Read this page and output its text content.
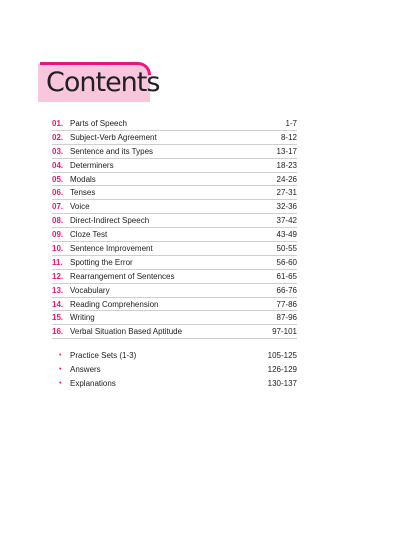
Contents
01. Parts of Speech	1-7
02. Subject-Verb Agreement	8-12
03. Sentence and its Types	13-17
04. Determiners	18-23
05. Modals	24-26
06. Tenses	27-31
07. Voice	32-36
08. Direct-Indirect Speech	37-42
09. Cloze Test	43-49
10. Sentence Improvement	50-55
11. Spotting the Error	56-60
12. Rearrangement of Sentences	61-65
13. Vocabulary	66-76
14. Reading Comprehension	77-86
15. Writing	87-96
16. Verbal Situation Based Aptitude	97-101
•	Practice Sets (1-3)	105-125
•	Answers	126-129
•	Explanations	130-137
